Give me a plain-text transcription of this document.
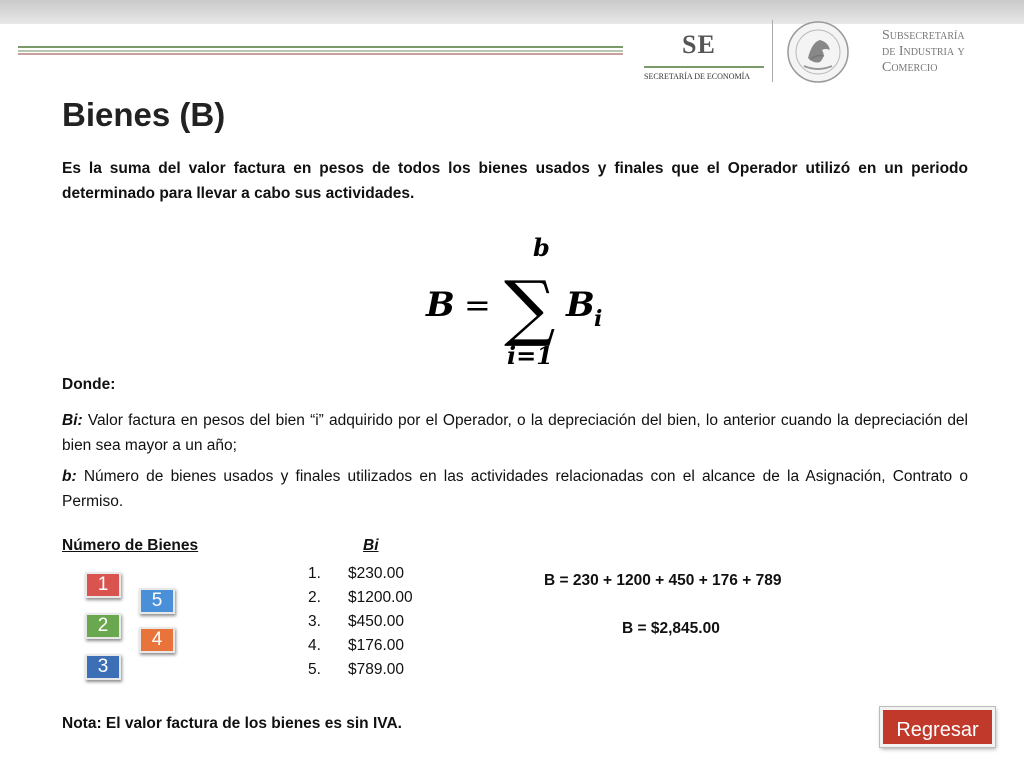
SE
SECRETARÍA DE ECONOMÍA
Subsecretaría
de Industria y
Comercio
Bienes (B)
Es la suma del valor factura en pesos de todos los bienes usados y finales que el Operador utilizó en un periodo determinado para llevar a cabo sus actividades.
b
B = ∑ B i
i=1
Donde:
Bi: Valor factura en pesos del bien “i” adquirido por el Operador, o la depreciación del bien, lo anterior cuando la depreciación del bien sea mayor a un año;
b: Número de bienes usados y finales utilizados en las actividades relacionadas con el alcance de la Asignación, Contrato o Permiso.
Número de Bienes	Bi
1.	$230.00
2.	$1200.00
3.	$450.00
4.	$176.00
5.	$789.00
1
5
2
4
3
B = 230 + 1200 + 450 + 176 + 789
B = $2,845.00
Nota: El valor factura de los bienes es sin IVA.	Regresar
